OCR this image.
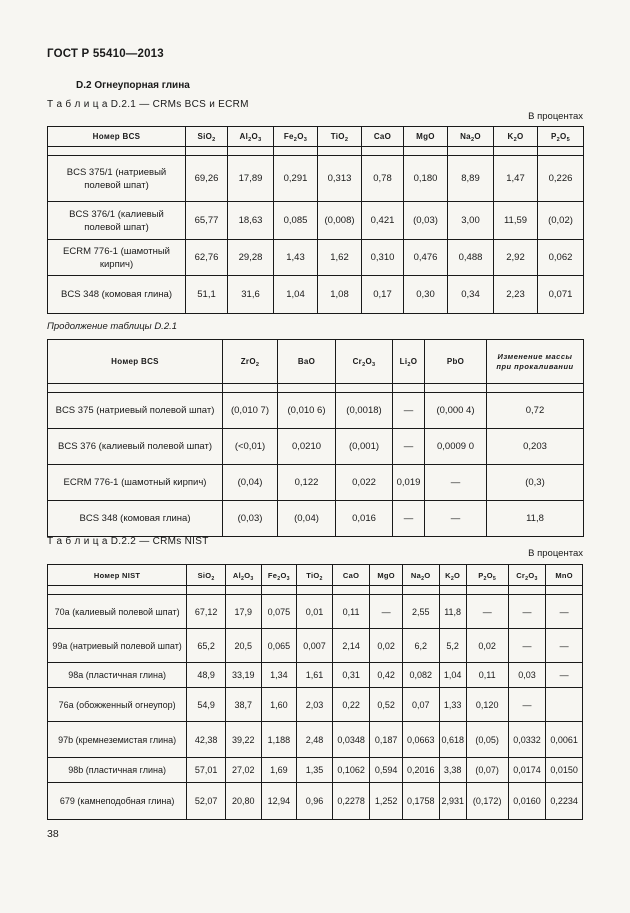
ГОСТ Р 55410—2013
D.2 Огнеупорная глина
Т а б л и ц а D.2.1 — CRMs BCS и ECRM
В процентах
Номер BCS	SiO$_2$	$Al_2O_3$	$Fe_2O_3$	TiO$_2$	CaO	MgO	$Na_2O$	$K_2O$	$P_2O_5$

BCS 375/1 (натриевый полевой шпат)	69,26	17,89	0,291	0,313	0,78	0,180	8,89	1,47	0,226
BCS 376/1 (калиевый полевой шпат)	65,77	18,63	0,085	(0,008)	0,421	(0,03)	3,00	11,59	(0,02)
ECRM 776-1 (шамотный кирпич)	62,76	29,28	1,43	1,62	0,310	0,476	0,488	2,92	0,062
BCS 348 (комовая глина)	51,1	31,6	1,04	1,08	0,17	0,30	0,34	2,23	0,071
Продолжение таблицы D.2.1
Номер BCS	ZrO$_2$	BaO	$Cr_2O_3$	$Li_2O$	PbO	Изменение массы при прокаливании

BCS 375 (натриевый полевой шпат)	(0,010 7)	(0,010 6)	(0,0018)	—	(0,000 4)	0,72
BCS 376 (калиевый полевой шпат)	(<0,01)	0,0210	(0,001)	—	0,0009 0	0,203
ECRM 776-1 (шамотный кирпич)	(0,04)	0,122	0,022	0,019	—	(0,3)
BCS 348 (комовая глина)	(0,03)	(0,04)	0,016	—	—	11,8
Т а б л и ц а D.2.2 — CRMs NIST
В процентах
Номер NIST	SiO$_2$	$Al_2O_3$	$Fe_2O_3$	TiO$_2$	CaO	MgO	$Na_2O$	$K_2O$	$P_2O_5$	$Cr_2O_3$	MnO

70a (калиевый полевой шпат)	67,12	17,9	0,075	0,01	0,11	—	2,55	11,8	—	—	—
99a (натриевый полевой шпат)	65,2	20,5	0,065	0,007	2,14	0,02	6,2	5,2	0,02	—	—
98a (пластичная глина)	48,9	33,19	1,34	1,61	0,31	0,42	0,082	1,04	0,11	0,03	—
76a (обожженный огнеупор)	54,9	38,7	1,60	2,03	0,22	0,52	0,07	1,33	0,120	—	
97b (кремнеземистая глина)	42,38	39,22	1,188	2,48	0,0348	0,187	0,0663	0,618	(0,05)	0,0332	0,0061
98b (пластичная глина)	57,01	27,02	1,69	1,35	0,1062	0,594	0,2016	3,38	(0,07)	0,0174	0,0150
679 (камнеподобная глина)	52,07	20,80	12,94	0,96	0,2278	1,252	0,1758	2,931	(0,172)	0,0160	0,2234
38
